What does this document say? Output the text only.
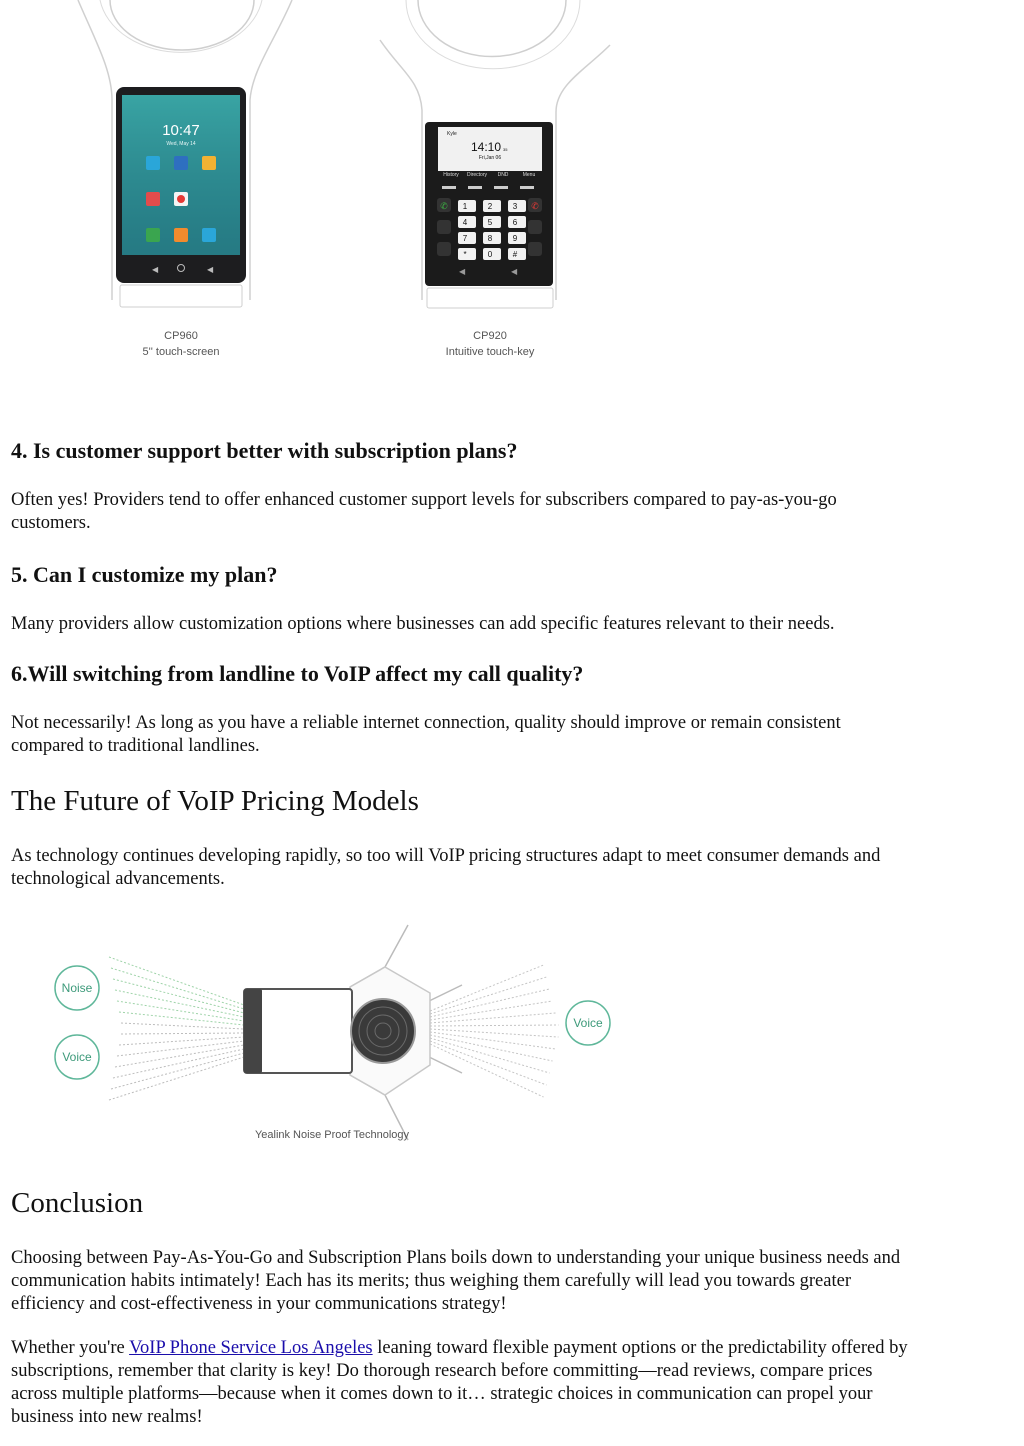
10:47
Wed, May 14
◀	◀
CP960
5'' touch-screen
Kyle
14:10 35
Fri,Jan 06
History Directory DND	Menu
1	2	3
4	5	6
7	8	9
*	0	#
✆	✆
◀	◀
CP920
Intuitive touch-key
4. Is customer support better with subscription plans?

Often yes! Providers tend to offer enhanced customer support levels for subscribers compared to pay-as-you-go
customers.

5. Can I customize my plan?

Many providers allow customization options where businesses can add specific features relevant to their needs.

6.Will switching from landline to VoIP affect my call quality?

Not necessarily! As long as you have a reliable internet connection, quality should improve or remain consistent
compared to traditional landlines.

The Future of VoIP Pricing Models

As technology continues developing rapidly, so too will VoIP pricing structures adapt to meet consumer demands and
technological advancements.

Noise
Voice
Voice
Yealink Noise Proof Technology
Conclusion

Choosing between Pay-As-You-Go and Subscription Plans boils down to understanding your unique business needs and
communication habits intimately! Each has its merits; thus weighing them carefully will lead you towards greater
efficiency and cost-effectiveness in your communications strategy!

Whether you're VoIP Phone Service Los Angeles leaning toward flexible payment options or the predictability offered by
subscriptions, remember that clarity is key! Do thorough research before committing—read reviews, compare prices
across multiple platforms—because when it comes down to it… strategic choices in communication can propel your
business into new realms!
